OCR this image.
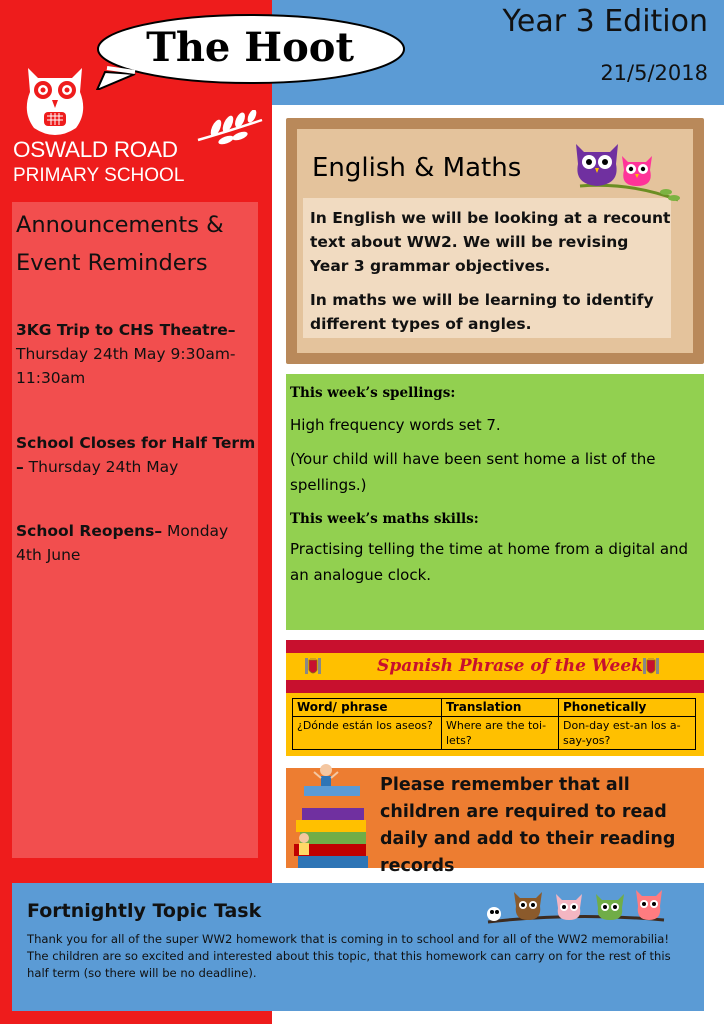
The Hoot
Year 3 Edition
21/5/2018
OSWALD ROAD
PRIMARY SCHOOL
Announcements & Event Reminders
3KG Trip to CHS Theatre– Thursday 24th May 9:30am-11:30am
School Closes for Half Term – Thursday 24th May
School Reopens– Monday 4th June
English & Maths
In English we will be looking at a recount text about WW2. We will be revising Year 3 grammar objectives.
In maths we will be learning to identify different types of angles.
This week’s spellings:
High frequency words set 7.
(Your child will have been sent home a list of the spellings.)
This week’s maths skills:
Practising telling the time at home from a digital and an analogue clock.
Spanish Phrase of the Week
Word/ phrase	Translation	Phonetically
¿Dónde están los aseos?	Where are the toi-lets?	Don-day est-an los a-say-yos?
Please remember that all children are required to read daily and add to their reading records
Fortnightly Topic Task
Thank you for all of the super WW2 homework that is coming in to school and for all of the WW2 memorabilia! The children are so excited and interested about this topic, that this homework can carry on for the rest of this half term (so there will be no deadline).
